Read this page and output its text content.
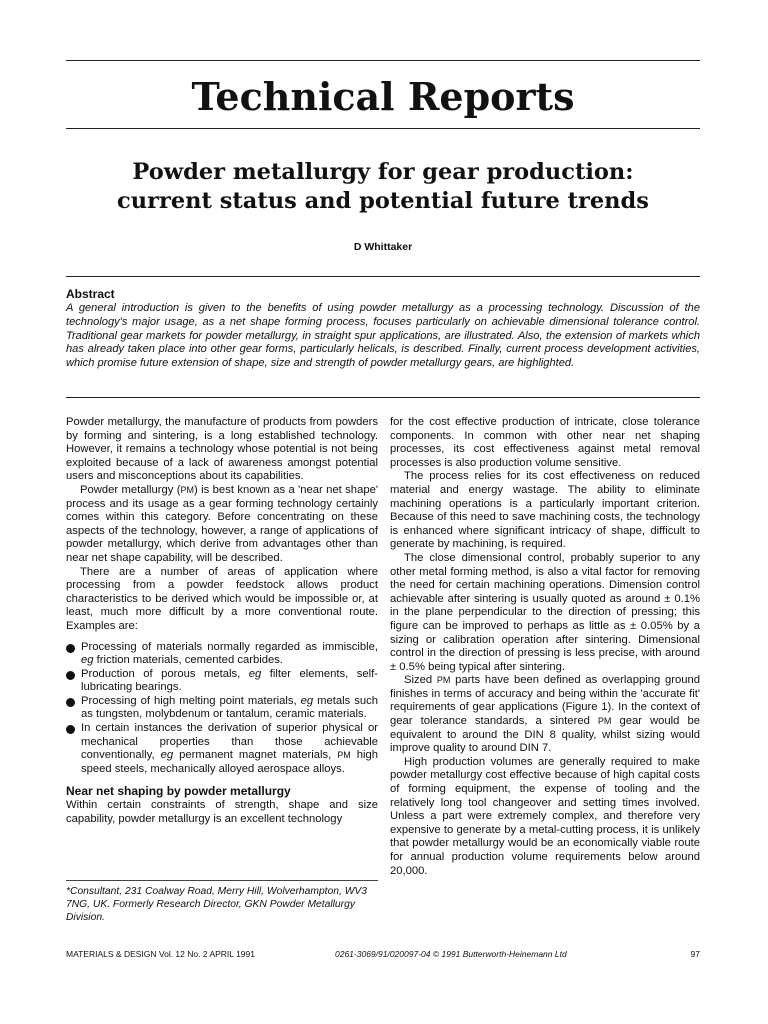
Technical Reports
Powder metallurgy for gear production:
current status and potential future trends
D Whittaker

Abstract

A general introduction is given to the benefits of using powder metallurgy as a processing technology. Discussion of the technology's major usage, as a net shape forming process, focuses particularly on achievable dimensional tolerance control. Traditional gear markets for powder metallurgy, in straight spur applications, are illustrated. Also, the extension of markets which has already taken place into other gear forms, particularly helicals, is described. Finally, current process development activities, which promise future extension of shape, size and strength of powder metallurgy gears, are highlighted.

Powder metallurgy, the manufacture of products from powders by forming and sintering, is a long established technology. However, it remains a technology whose potential is not being exploited because of a lack of awareness amongst potential users and misconceptions about its capabilities.

Powder metallurgy (PM) is best known as a 'near net shape' process and its usage as a gear forming technology certainly comes within this category. Before concentrating on these aspects of the technology, however, a range of applications of powder metallurgy, which derive from advantages other than near net shape capability, will be described.

There are a number of areas of application where processing from a powder feedstock allows product characteristics to be derived which would be impossible or, at least, much more difficult by a more conventional route. Examples are:

Processing of materials normally regarded as immiscible, eg friction materials, cemented carbides.
Production of porous metals, eg filter elements, self-lubricating bearings.
Processing of high melting point materials, eg metals such as tungsten, molybdenum or tantalum, ceramic materials.
In certain instances the derivation of superior physical or mechanical properties than those achievable conventionally, eg permanent magnet materials, PM high speed steels, mechanically alloyed aerospace alloys.

Near net shaping by powder metallurgy

Within certain constraints of strength, shape and size capability, powder metallurgy is an excellent technology

*Consultant, 231 Coalway Road, Merry Hill, Wolverhampton, WV3 7NG, UK. Formerly Research Director, GKN Powder Metallurgy Division.

for the cost effective production of intricate, close tolerance components. In common with other near net shaping processes, its cost effectiveness against metal removal processes is also production volume sensitive.

The process relies for its cost effectiveness on reduced material and energy wastage. The ability to eliminate machining operations is a particularly important criterion. Because of this need to save machining costs, the technology is enhanced where significant intricacy of shape, difficult to generate by machining, is required.

The close dimensional control, probably superior to any other metal forming method, is also a vital factor for removing the need for certain machining operations. Dimension control achievable after sintering is usually quoted as around ± 0.1% in the plane perpendicular to the direction of pressing; this figure can be improved to perhaps as little as ± 0.05% by a sizing or calibration operation after sintering. Dimensional control in the direction of pressing is less precise, with around ± 0.5% being typical after sintering.

Sized PM parts have been defined as overlapping ground finishes in terms of accuracy and being within the 'accurate fit' requirements of gear applications (Figure 1). In the context of gear tolerance standards, a sintered PM gear would be equivalent to around the DIN 8 quality, whilst sizing would improve quality to around DIN 7.

High production volumes are generally required to make powder metallurgy cost effective because of high capital costs of forming equipment, the expense of tooling and the relatively long tool changeover and setting times involved. Unless a part were extremely complex, and therefore very expensive to generate by a metal-cutting process, it is unlikely that powder metallurgy would be an economically viable route for annual production volume requirements below around 20,000.

MATERIALS & DESIGN Vol. 12 No. 2 APRIL 1991	0261-3069/91/020097-04 © 1991 Butterworth-Heinemann Ltd	97
